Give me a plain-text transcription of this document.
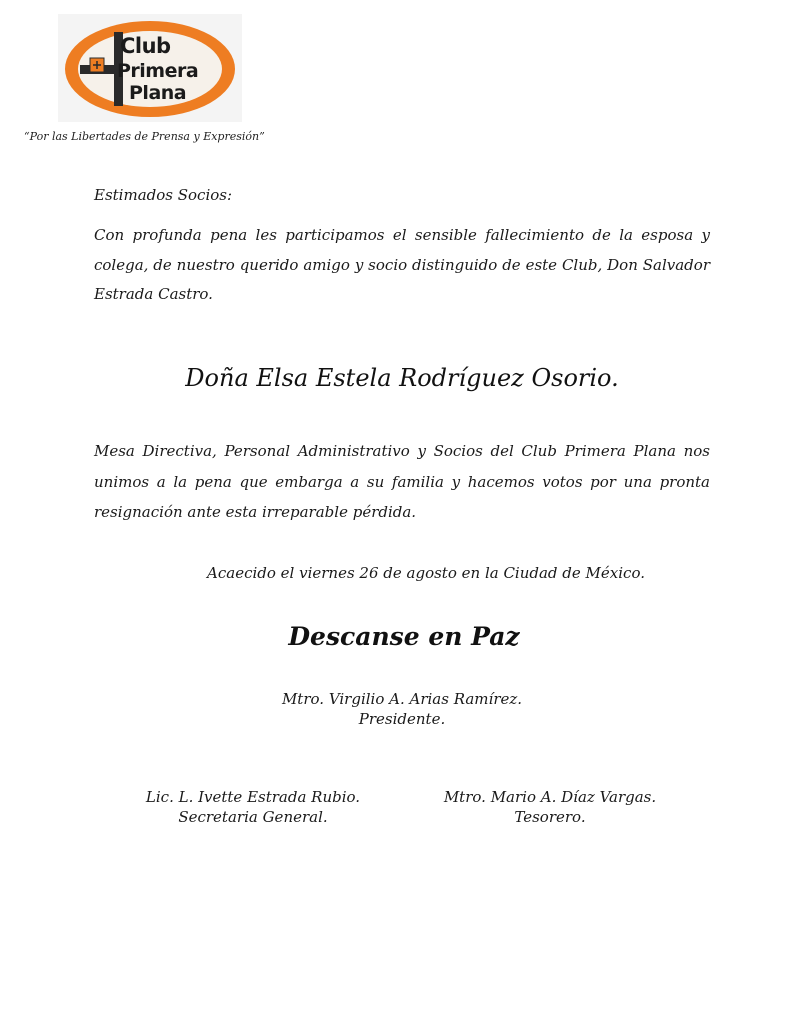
Club
Primera
Plana
“Por las Libertades de Prensa y Expresión”
Estimados Socios:
Con profunda pena les participamos el sensible fallecimiento de la esposa y colega, de nuestro querido amigo y socio distinguido de este Club, Don Salvador Estrada Castro.
Doña Elsa Estela Rodríguez Osorio.
Mesa Directiva, Personal Administrativo y Socios del Club Primera Plana nos unimos a la pena que embarga a su familia y hacemos votos por una pronta resignación ante esta irreparable pérdida.
Acaecido el viernes 26 de agosto en la Ciudad de México.
Descanse en Paz
Mtro. Virgilio A. Arias Ramírez.
Presidente.
Lic. L. Ivette Estrada Rubio.
Secretaria General.
Mtro. Mario A. Díaz Vargas.
Tesorero.
